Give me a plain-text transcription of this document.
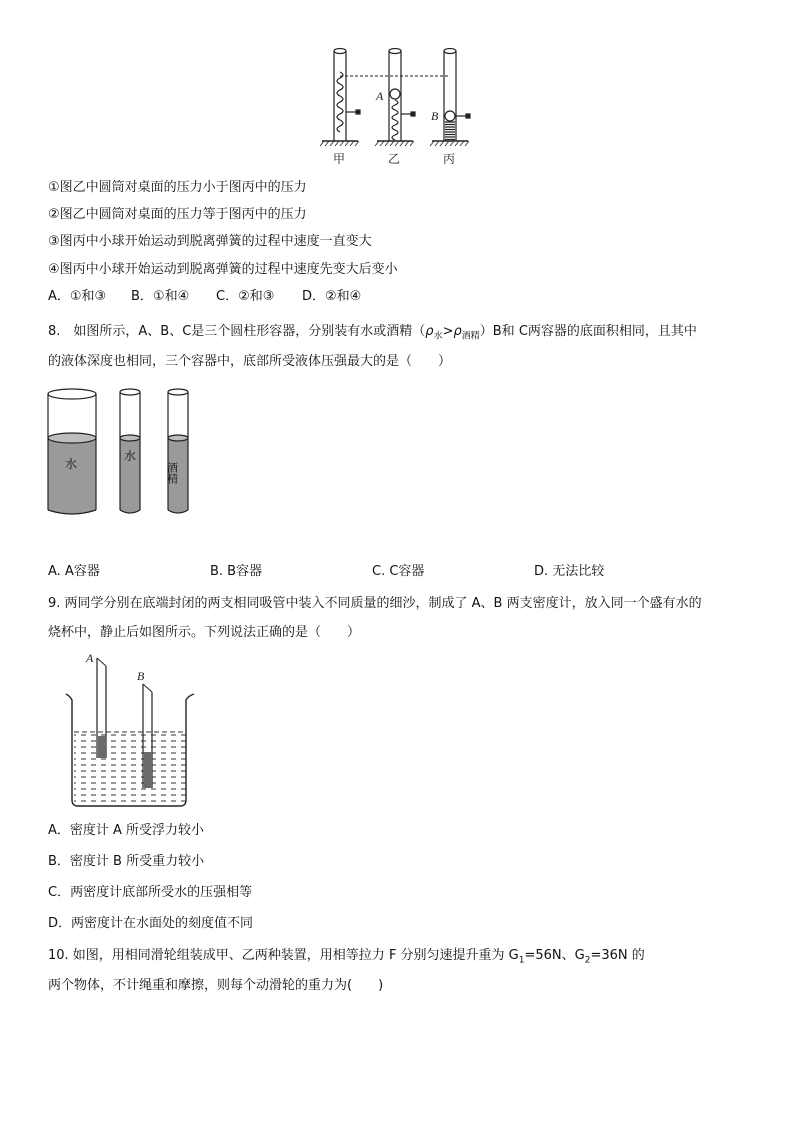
A
B
甲	乙	丙
①图乙中圆筒对桌面的压力小于图丙中的压力
②图乙中圆筒对桌面的压力等于图丙中的压力
③图丙中小球开始运动到脱离弹簧的过程中速度一直变大
④图丙中小球开始运动到脱离弹簧的过程中速度先变大后变小
A．①和③ B．①和④ C．②和③ D．②和④
8.　如图所示，A、B、C是三个圆柱形容器，分别装有水或酒精$(\rho_水>\rho_{酒精})B$和 C两容器的底面积相同，且其中
的液体深度也相同，三个容器中，底部所受液体压强最大的是（　　）
水
水
酒精
A. A容器	B. B容器	C. C容器	D. 无法比较
9. 两同学分别在底端封闭的两支相同吸管中装入不同质量的细沙，制成了 A、B 两支密度计，放入同一个盛有水的
烧杯中，静止后如图所示。下列说法正确的是（　　）
A
B
A．密度计 A 所受浮力较小
B．密度计 B 所受重力较小
C．两密度计底部所受水的压强相等
D．两密度计在水面处的刻度值不同
10. 如图，用相同滑轮组装成甲、乙两种装置，用相等拉力 F 分别匀速提升重为 $G_1=56N$、$G_2=36N$ 的
两个物体，不计绳重和摩擦，则每个动滑轮的重力为(　　)
